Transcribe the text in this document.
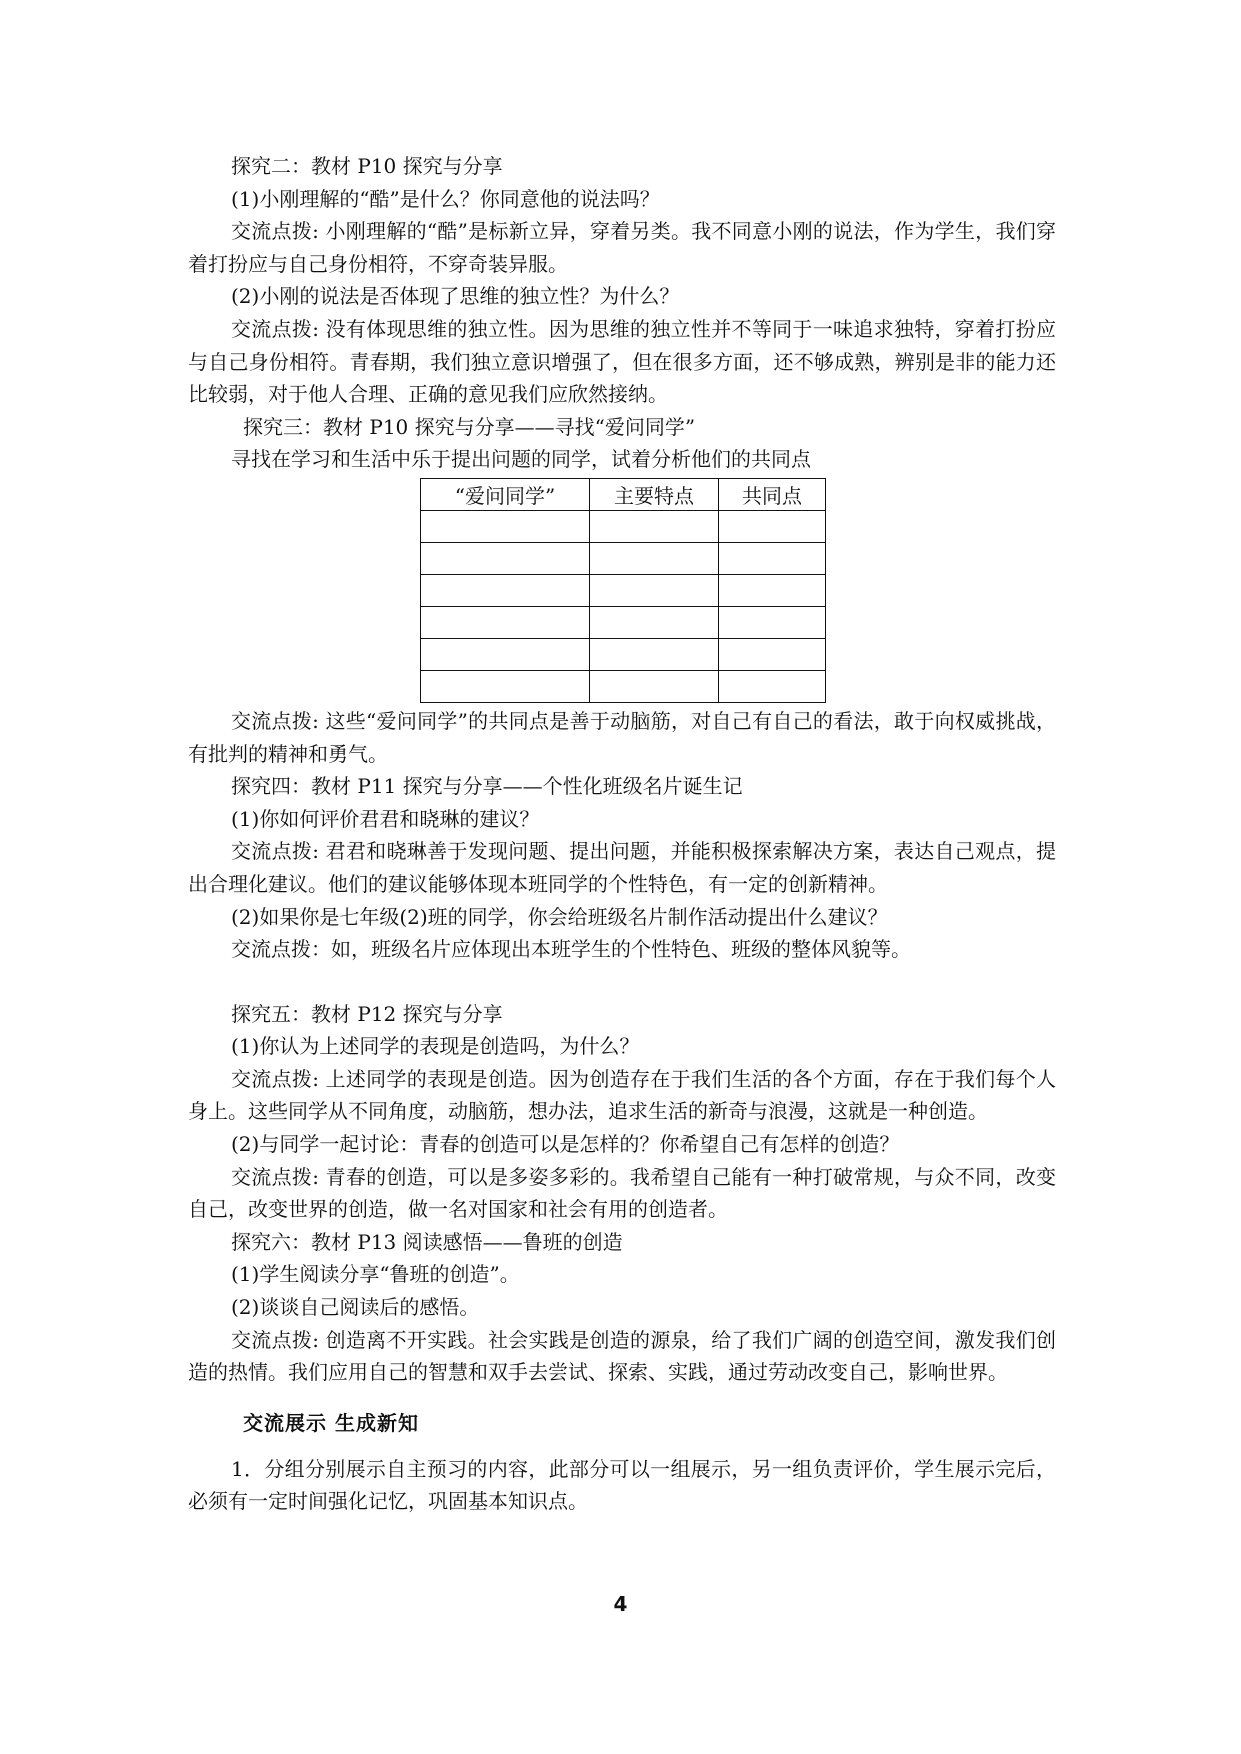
探究二：教材 P10 探究与分享

(1)小刚理解的“酷”是什么？你同意他的说法吗？

交流点拨: 小刚理解的“酷”是标新立异，穿着另类。我不同意小刚的说法，作为学生，我们穿着打扮应与自己身份相符，不穿奇装异服。

(2)小刚的说法是否体现了思维的独立性？为什么？

交流点拨: 没有体现思维的独立性。因为思维的独立性并不等同于一味追求独特，穿着打扮应与自己身份相符。青春期，我们独立意识增强了，但在很多方面，还不够成熟，辨别是非的能力还比较弱，对于他人合理、正确的意见我们应欣然接纳。

探究三：教材 P10 探究与分享——寻找“爱问同学”

寻找在学习和生活中乐于提出问题的同学，试着分析他们的共同点

“爱问同学”	主要特点	共同点

交流点拨: 这些“爱问同学”的共同点是善于动脑筋，对自己有自己的看法，敢于向权威挑战，有批判的精神和勇气。

探究四：教材 P11 探究与分享——个性化班级名片诞生记

(1)你如何评价君君和晓琳的建议？

交流点拨: 君君和晓琳善于发现问题、提出问题，并能积极探索解决方案，表达自己观点，提出合理化建议。他们的建议能够体现本班同学的个性特色，有一定的创新精神。

(2)如果你是七年级(2)班的同学，你会给班级名片制作活动提出什么建议？

交流点拨：如，班级名片应体现出本班学生的个性特色、班级的整体风貌等。

探究五：教材 P12 探究与分享

(1)你认为上述同学的表现是创造吗，为什么？

交流点拨: 上述同学的表现是创造。因为创造存在于我们生活的各个方面，存在于我们每个人身上。这些同学从不同角度，动脑筋，想办法，追求生活的新奇与浪漫，这就是一种创造。

(2)与同学一起讨论：青春的创造可以是怎样的？你希望自己有怎样的创造？

交流点拨: 青春的创造，可以是多姿多彩的。我希望自己能有一种打破常规，与众不同，改变自己，改变世界的创造，做一名对国家和社会有用的创造者。

探究六：教材 P13 阅读感悟——鲁班的创造

(1)学生阅读分享“鲁班的创造”。

(2)谈谈自己阅读后的感悟。

交流点拨: 创造离不开实践。社会实践是创造的源泉，给了我们广阔的创造空间，激发我们创造的热情。我们应用自己的智慧和双手去尝试、探索、实践，通过劳动改变自己，影响世界。

交流展示 生成新知

1．分组分别展示自主预习的内容，此部分可以一组展示，另一组负责评价，学生展示完后，必须有一定时间强化记忆，巩固基本知识点。

4
